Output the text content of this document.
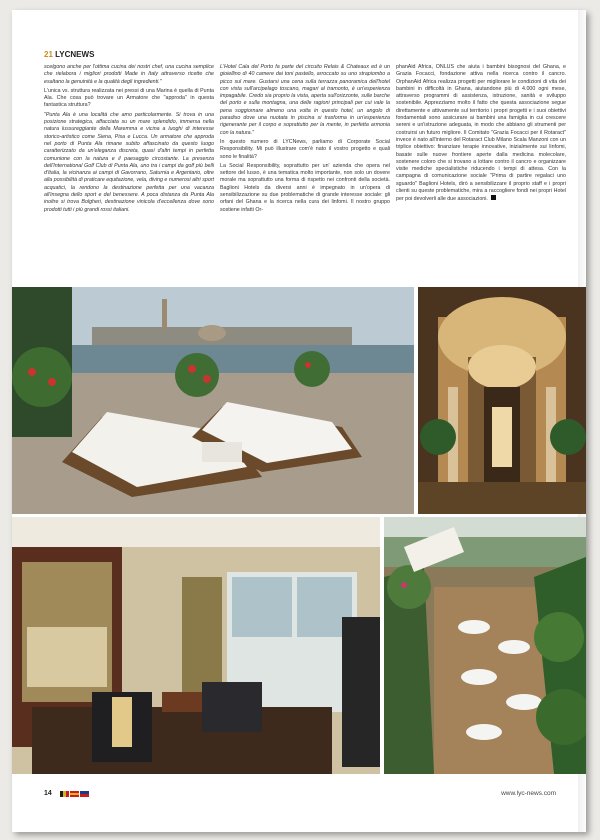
21 LYCNEWS

scelgono anche per l'ottima cucina dei nostri chef, una cucina semplice che rielabora i migliori prodotti Made in Italy attraverso ricette che esaltano la genuinità e la qualità degli ingredienti."

L'unica vs. struttura realizzata nei pressi di una Marina è quella di Punta Ala. Che cosa può trovare un Armatore che "approda" in questa fantastica struttura?

"Punta Ala è una località che amo particolarmente. Si trova in una posizione strategica, affacciata su un mare splendido, immersa nella natura lussureggiante della Maremma e vicina a luoghi di interesse storico-artistico come Siena, Pisa e Lucca. Un armatore che approda nel porto di Punta Ala rimane subito affascinato da questo luogo caratterizzato da un'eleganza discreta, quasi d'altri tempi in perfetta comunione con la natura e il paesaggio circostante. La presenza dell'International Golf Club di Punta Ala, uno tra i campi da golf più belli d'Italia, la vicinanza ai campi di Gavorrano, Saturnia e Argentario, oltre alla possibilità di praticare equitazione, vela, diving e numerosi altri sport acquatici, la rendono la destinazione perfetta per una vacanza all'insegna dello sport e del benessere. A poca distanza da Punta Ala inoltre si trova Bolgheri, destinazione vinicola d'eccellenza dove sono prodotti tutti i più grandi rossi italiani.

L'Hotel Cala del Porto fa parte del circuito Relais & Chateaux ed è un gioiellino di 40 camere dai toni pastello, arroccato su uno strapiombo a picco sul mare. Gustarsi una cena sulla terrazza panoramica dell'hotel con vista sull'arcipelago toscano, magari al tramonto, è un'esperienza impagabile. Credo sia proprio la vista, aperta sull'orizzonte, sulle barche del porto e sulla montagna, una delle ragioni principali per cui vale la pena soggiornare almeno una volta in questo hotel, un angolo di paradiso dove una nuotata in piscina si trasforma in un'esperienza rigenerante per il corpo e soprattutto per la mente, in perfetta armonia con la natura."

In questo numero di LYCNews, parliamo di Corporate Social Responsibility. Mi può illustrare com'è nato il vostro progetto e quali sono le finalità?

La Social Responsibility, soprattutto per un' azienda che opera nel settore del lusso, è una tematica molto importante, non solo un dovere morale ma soprattutto una forma di rispetto nei confronti della società. Baglioni Hotels da diversi anni è impegnato in un'opera di sensibilizzazione su due problematiche di grande interesse sociale: gli orfani del Ghana e la ricerca nella cura dei linfomi. Il nostro gruppo sostiene infatti Or-

phanAid Africa, ONLUS che aiuta i bambini bisognosi del Ghana, e Grazia Focacci, fondazione attiva nella ricerca contro il cancro. OrphanAid Africa realizza progetti per migliorare le condizioni di vita dei bambini in difficoltà in Ghana, aiutandone più di 4.000 ogni mese, attraverso programmi di assistenza, istruzione, sanità e sviluppo sostenibile. Apprezziamo molto il fatto che questa associazione segue direttamente e attivamente sul territorio i propri progetti e i suoi obiettivi fondamentali sono assicurare ai bambini una famiglia in cui crescere sereni e un'istruzione adeguata, in modo che abbiano gli strumenti per costruirsi un futuro migliore. Il Comitato "Grazia Focacci per il Rotaract" invece è nato all'interno del Rotaract Club Milano Scala Manzoni con un triplice obiettivo: finanziare terapie innovative, inizialmente sui linfomi, basate sulle nuove frontiere aperte dalla medicina molecolare, sostenere coloro che si trovano a lottare contro il cancro e organizzare visite mediche specialistiche riducendo i tempi di attesa. Con la campagna di comunicazione sociale "Prima di partire regalaci uno sguardo" Baglioni Hotels, dirò a sensibilizzare il proprio staff e i propri clienti su queste problematiche, mira a raccogliere fondi nei propri Hotel per poi devolverli alle due associazioni.

14	www.lyc-news.com
